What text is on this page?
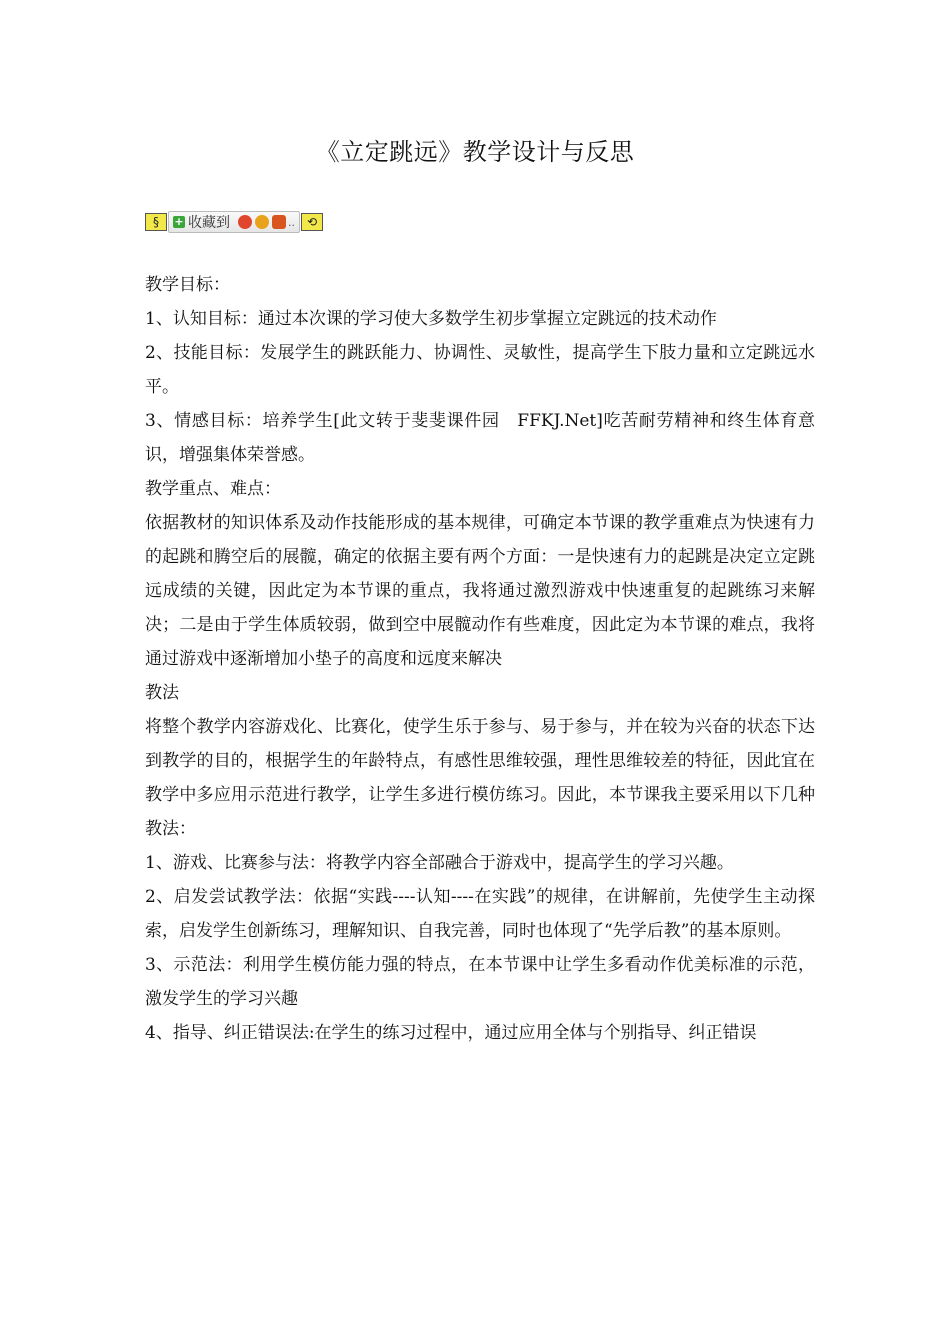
《立定跳远》教学设计与反思
§	+ 收藏到	.. ⟲

教学目标：

1、认知目标：通过本次课的学习使大多数学生初步掌握立定跳远的技术动作

2、技能目标：发展学生的跳跃能力、协调性、灵敏性，提高学生下肢力量和立定跳远水平。

3、情感目标：培养学生[此文转于斐斐课件园　FFKJ.Net]吃苦耐劳精神和终生体育意识，增强集体荣誉感。

教学重点、难点：

依据教材的知识体系及动作技能形成的基本规律，可确定本节课的教学重难点为快速有力的起跳和腾空后的展髋，确定的依据主要有两个方面：一是快速有力的起跳是决定立定跳远成绩的关键，因此定为本节课的重点，我将通过激烈游戏中快速重复的起跳练习来解决；二是由于学生体质较弱，做到空中展髋动作有些难度，因此定为本节课的难点，我将通过游戏中逐渐增加小垫子的高度和远度来解决

教法

将整个教学内容游戏化、比赛化，使学生乐于参与、易于参与，并在较为兴奋的状态下达到教学的目的，根据学生的年龄特点，有感性思维较强，理性思维较差的特征，因此宜在教学中多应用示范进行教学，让学生多进行模仿练习。因此，本节课我主要采用以下几种教法：

1、游戏、比赛参与法：将教学内容全部融合于游戏中，提高学生的学习兴趣。

2、启发尝试教学法：依据“实践----认知----在实践”的规律，在讲解前，先使学生主动探索，启发学生创新练习，理解知识、自我完善，同时也体现了“先学后教”的基本原则。

3、示范法：利用学生模仿能力强的特点，在本节课中让学生多看动作优美标准的示范，激发学生的学习兴趣

4、指导、纠正错误法:在学生的练习过程中，通过应用全体与个别指导、纠正错误
